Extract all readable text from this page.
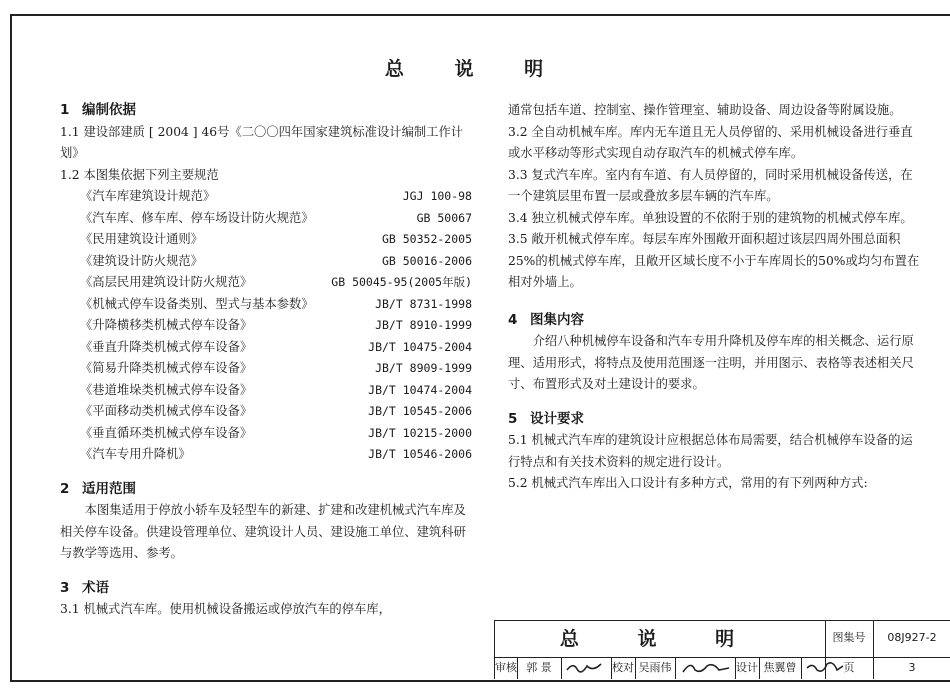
总 说 明
1 编制依据

1.1 建设部建质 [ 2004 ] 46号《二〇〇四年国家建筑标准设计编制工作计划》

1.2 本图集依据下列主要规范

《汽车库建筑设计规范》	JGJ 100-98
《汽车库、修车库、停车场设计防火规范》	GB 50067
《民用建筑设计通则》	GB 50352-2005
《建筑设计防火规范》	GB 50016-2006
《高层民用建筑设计防火规范》	GB 50045-95(2005年版)
《机械式停车设备类别、型式与基本参数》	JB/T 8731-1998
《升降横移类机械式停车设备》	JB/T 8910-1999
《垂直升降类机械式停车设备》	JB/T 10475-2004
《简易升降类机械式停车设备》	JB/T 8909-1999
《巷道堆垛类机械式停车设备》	JB/T 10474-2004
《平面移动类机械式停车设备》	JB/T 10545-2006
《垂直循环类机械式停车设备》	JB/T 10215-2000
《汽车专用升降机》	JB/T 10546-2006
2 适用范围

本图集适用于停放小轿车及轻型车的新建、扩建和改建机械式汽车库及相关停车设备。供建设管理单位、建筑设计人员、建设施工单位、建筑科研与教学等选用、参考。

3 术语

3.1 机械式汽车库。使用机械设备搬运或停放汽车的停车库，

通常包括车道、控制室、操作管理室、辅助设备、周边设备等附属设施。

3.2 全自动机械车库。库内无车道且无人员停留的、采用机械设备进行垂直或水平移动等形式实现自动存取汽车的机械式停车库。

3.3 复式汽车库。室内有车道、有人员停留的，同时采用机械设备传送，在一个建筑层里布置一层或叠放多层车辆的汽车库。

3.4 独立机械式停车库。单独设置的不依附于别的建筑物的机械式停车库。

3.5 敞开机械式停车库。每层车库外围敞开面积超过该层四周外围总面积25%的机械式停车库，且敞开区域长度不小于车库周长的50%或均匀布置在相对外墙上。

4 图集内容

介绍八种机械停车设备和汽车专用升降机及停车库的相关概念、运行原理、适用形式，将特点及使用范围逐一注明，并用图示、表格等表述相关尺寸、布置形式及对土建设计的要求。

5 设计要求

5.1 机械式汽车库的建筑设计应根据总体布局需要，结合机械停车设备的运行特点和有关技术资料的规定进行设计。

5.2 机械式汽车库出入口设计有多种方式，常用的有下列两种方式:

总 说 明	图集号	08J927-2
审核 郭 景	校对 吴雨伟	设计 焦翼曾	页	3
